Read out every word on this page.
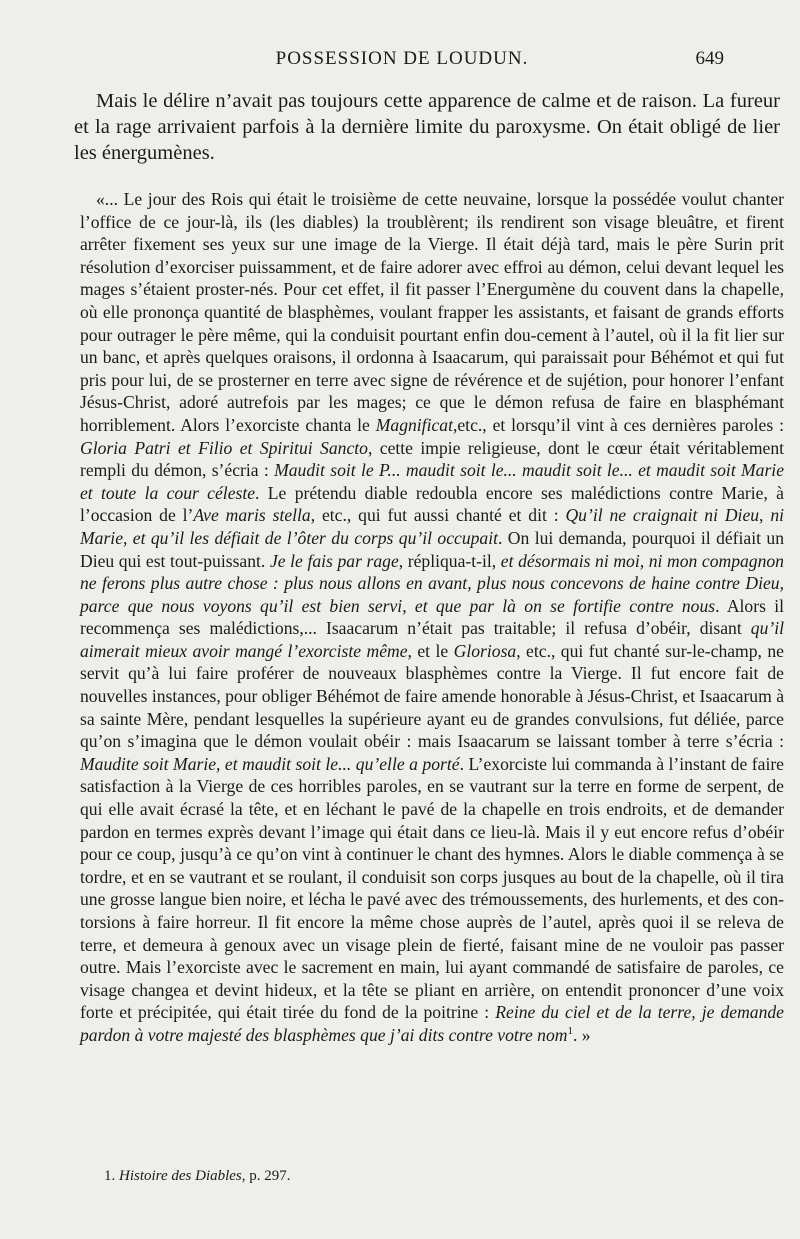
POSSESSION DE LOUDUN.	649

Mais le délire n’avait pas toujours cette apparence de calme et de raison. La fureur et la rage arrivaient parfois à la dernière limite du paroxysme. On était obligé de lier les énergumènes.

«... Le jour des Rois qui était le troisième de cette neuvaine, lorsque la possédée voulut chanter l’office de ce jour-là, ils (les diables) la troublèrent; ils rendirent son visage bleuâtre, et firent arrêter fixement ses yeux sur une image de la Vierge. Il était déjà tard, mais le père Surin prit résolution d’exorciser puissamment, et de faire adorer avec effroi au démon, celui devant lequel les mages s’étaient proster-nés. Pour cet effet, il fit passer l’Energumène du couvent dans la chapelle, où elle prononça quantité de blasphèmes, voulant frapper les assistants, et faisant de grands efforts pour outrager le père même, qui la conduisit pourtant enfin dou-cement à l’autel, où il la fit lier sur un banc, et après quelques oraisons, il ordonna à Isaacarum, qui paraissait pour Béhémot et qui fut pris pour lui, de se prosterner en terre avec signe de révérence et de sujétion, pour honorer l’enfant Jésus-Christ, adoré autrefois par les mages; ce que le démon refusa de faire en blasphémant horriblement. Alors l’exorciste chanta le Magnificat,etc., et lorsqu’il vint à ces dernières paroles : Gloria Patri et Filio et Spiritui Sancto, cette impie religieuse, dont le cœur était véritablement rempli du démon, s’écria : Maudit soit le P... maudit soit le... maudit soit le... et maudit soit Marie et toute la cour céleste. Le prétendu diable redoubla encore ses malédictions contre Marie, à l’occasion de l’Ave maris stella, etc., qui fut aussi chanté et dit : Qu’il ne craignait ni Dieu, ni Marie, et qu’il les défiait de l’ôter du corps qu’il occupait. On lui demanda, pourquoi il défiait un Dieu qui est tout-puissant. Je le fais par rage, répliqua-t-il, et désormais ni moi, ni mon compagnon ne ferons plus autre chose : plus nous allons en avant, plus nous concevons de haine contre Dieu, parce que nous voyons qu’il est bien servi, et que par là on se fortifie contre nous. Alors il recommença ses malédictions,... Isaacarum n’était pas traitable; il refusa d’obéir, disant qu’il aimerait mieux avoir mangé l’exorciste même, et le Gloriosa, etc., qui fut chanté sur-le-champ, ne servit qu’à lui faire proférer de nouveaux blasphèmes contre la Vierge. Il fut encore fait de nouvelles instances, pour obliger Béhémot de faire amende honorable à Jésus-Christ, et Isaacarum à sa sainte Mère, pendant lesquelles la supérieure ayant eu de grandes convulsions, fut déliée, parce qu’on s’imagina que le démon voulait obéir : mais Isaacarum se laissant tomber à terre s’écria : Maudite soit Marie, et maudit soit le... qu’elle a porté. L’exorciste lui commanda à l’instant de faire satisfaction à la Vierge de ces horribles paroles, en se vautrant sur la terre en forme de serpent, de qui elle avait écrasé la tête, et en léchant le pavé de la chapelle en trois endroits, et de demander pardon en termes exprès devant l’image qui était dans ce lieu-là. Mais il y eut encore refus d’obéir pour ce coup, jusqu’à ce qu’on vint à continuer le chant des hymnes. Alors le diable commença à se tordre, et en se vautrant et se roulant, il conduisit son corps jusques au bout de la chapelle, où il tira une grosse langue bien noire, et lécha le pavé avec des trémoussements, des hurlements, et des con-torsions à faire horreur. Il fit encore la même chose auprès de l’autel, après quoi il se releva de terre, et demeura à genoux avec un visage plein de fierté, faisant mine de ne vouloir pas passer outre. Mais l’exorciste avec le sacrement en main, lui ayant commandé de satisfaire de paroles, ce visage changea et devint hideux, et la tête se pliant en arrière, on entendit prononcer d’une voix forte et précipitée, qui était tirée du fond de la poitrine : Reine du ciel et de la terre, je demande pardon à votre majesté des blasphèmes que j’ai dits contre votre nom$^1$. »

1. Histoire des Diables, p. 297.
